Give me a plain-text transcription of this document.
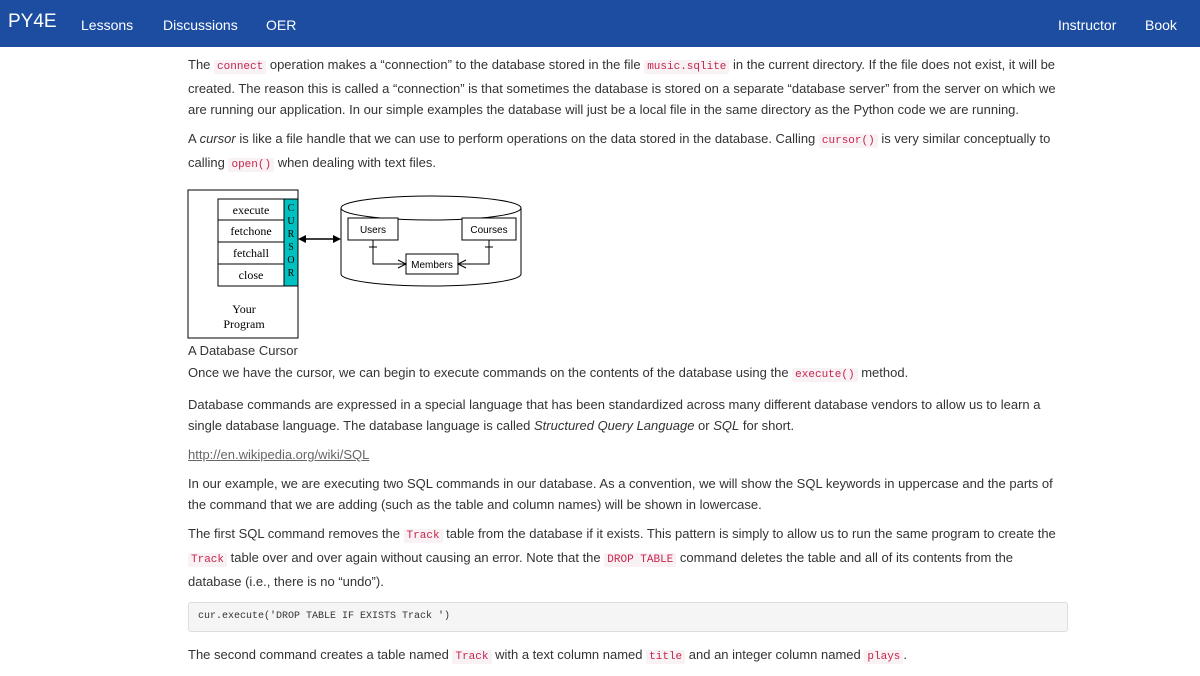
PY4E Lessons Discussions OER	Instructor Book

The connect operation makes a “connection” to the database stored in the file music.sqlite in the current directory. If the file does not exist, it will be created. The reason this is called a “connection” is that sometimes the database is stored on a separate “database server” from the server on which we are running our application. In our simple examples the database will just be a local file in the same directory as the Python code we are running.

A cursor is like a file handle that we can use to perform operations on the data stored in the database. Calling cursor() is very similar conceptually to calling open() when dealing with text files.

execute
fetchone
fetchall
close
C
U
R
S
O
R
Your
Program
Users	Courses
Members

A Database Cursor

Once we have the cursor, we can begin to execute commands on the contents of the database using the execute() method.

Database commands are expressed in a special language that has been standardized across many different database vendors to allow us to learn a single database language. The database language is called Structured Query Language or SQL for short.

http://en.wikipedia.org/wiki/SQL

In our example, we are executing two SQL commands in our database. As a convention, we will show the SQL keywords in uppercase and the parts of the command that we are adding (such as the table and column names) will be shown in lowercase.

The first SQL command removes the Track table from the database if it exists. This pattern is simply to allow us to run the same program to create the Track table over and over again without causing an error. Note that the DROP TABLE command deletes the table and all of its contents from the database (i.e., there is no “undo”).

cur.execute('DROP TABLE IF EXISTS Track ')

The second command creates a table named Track with a text column named title and an integer column named plays .
